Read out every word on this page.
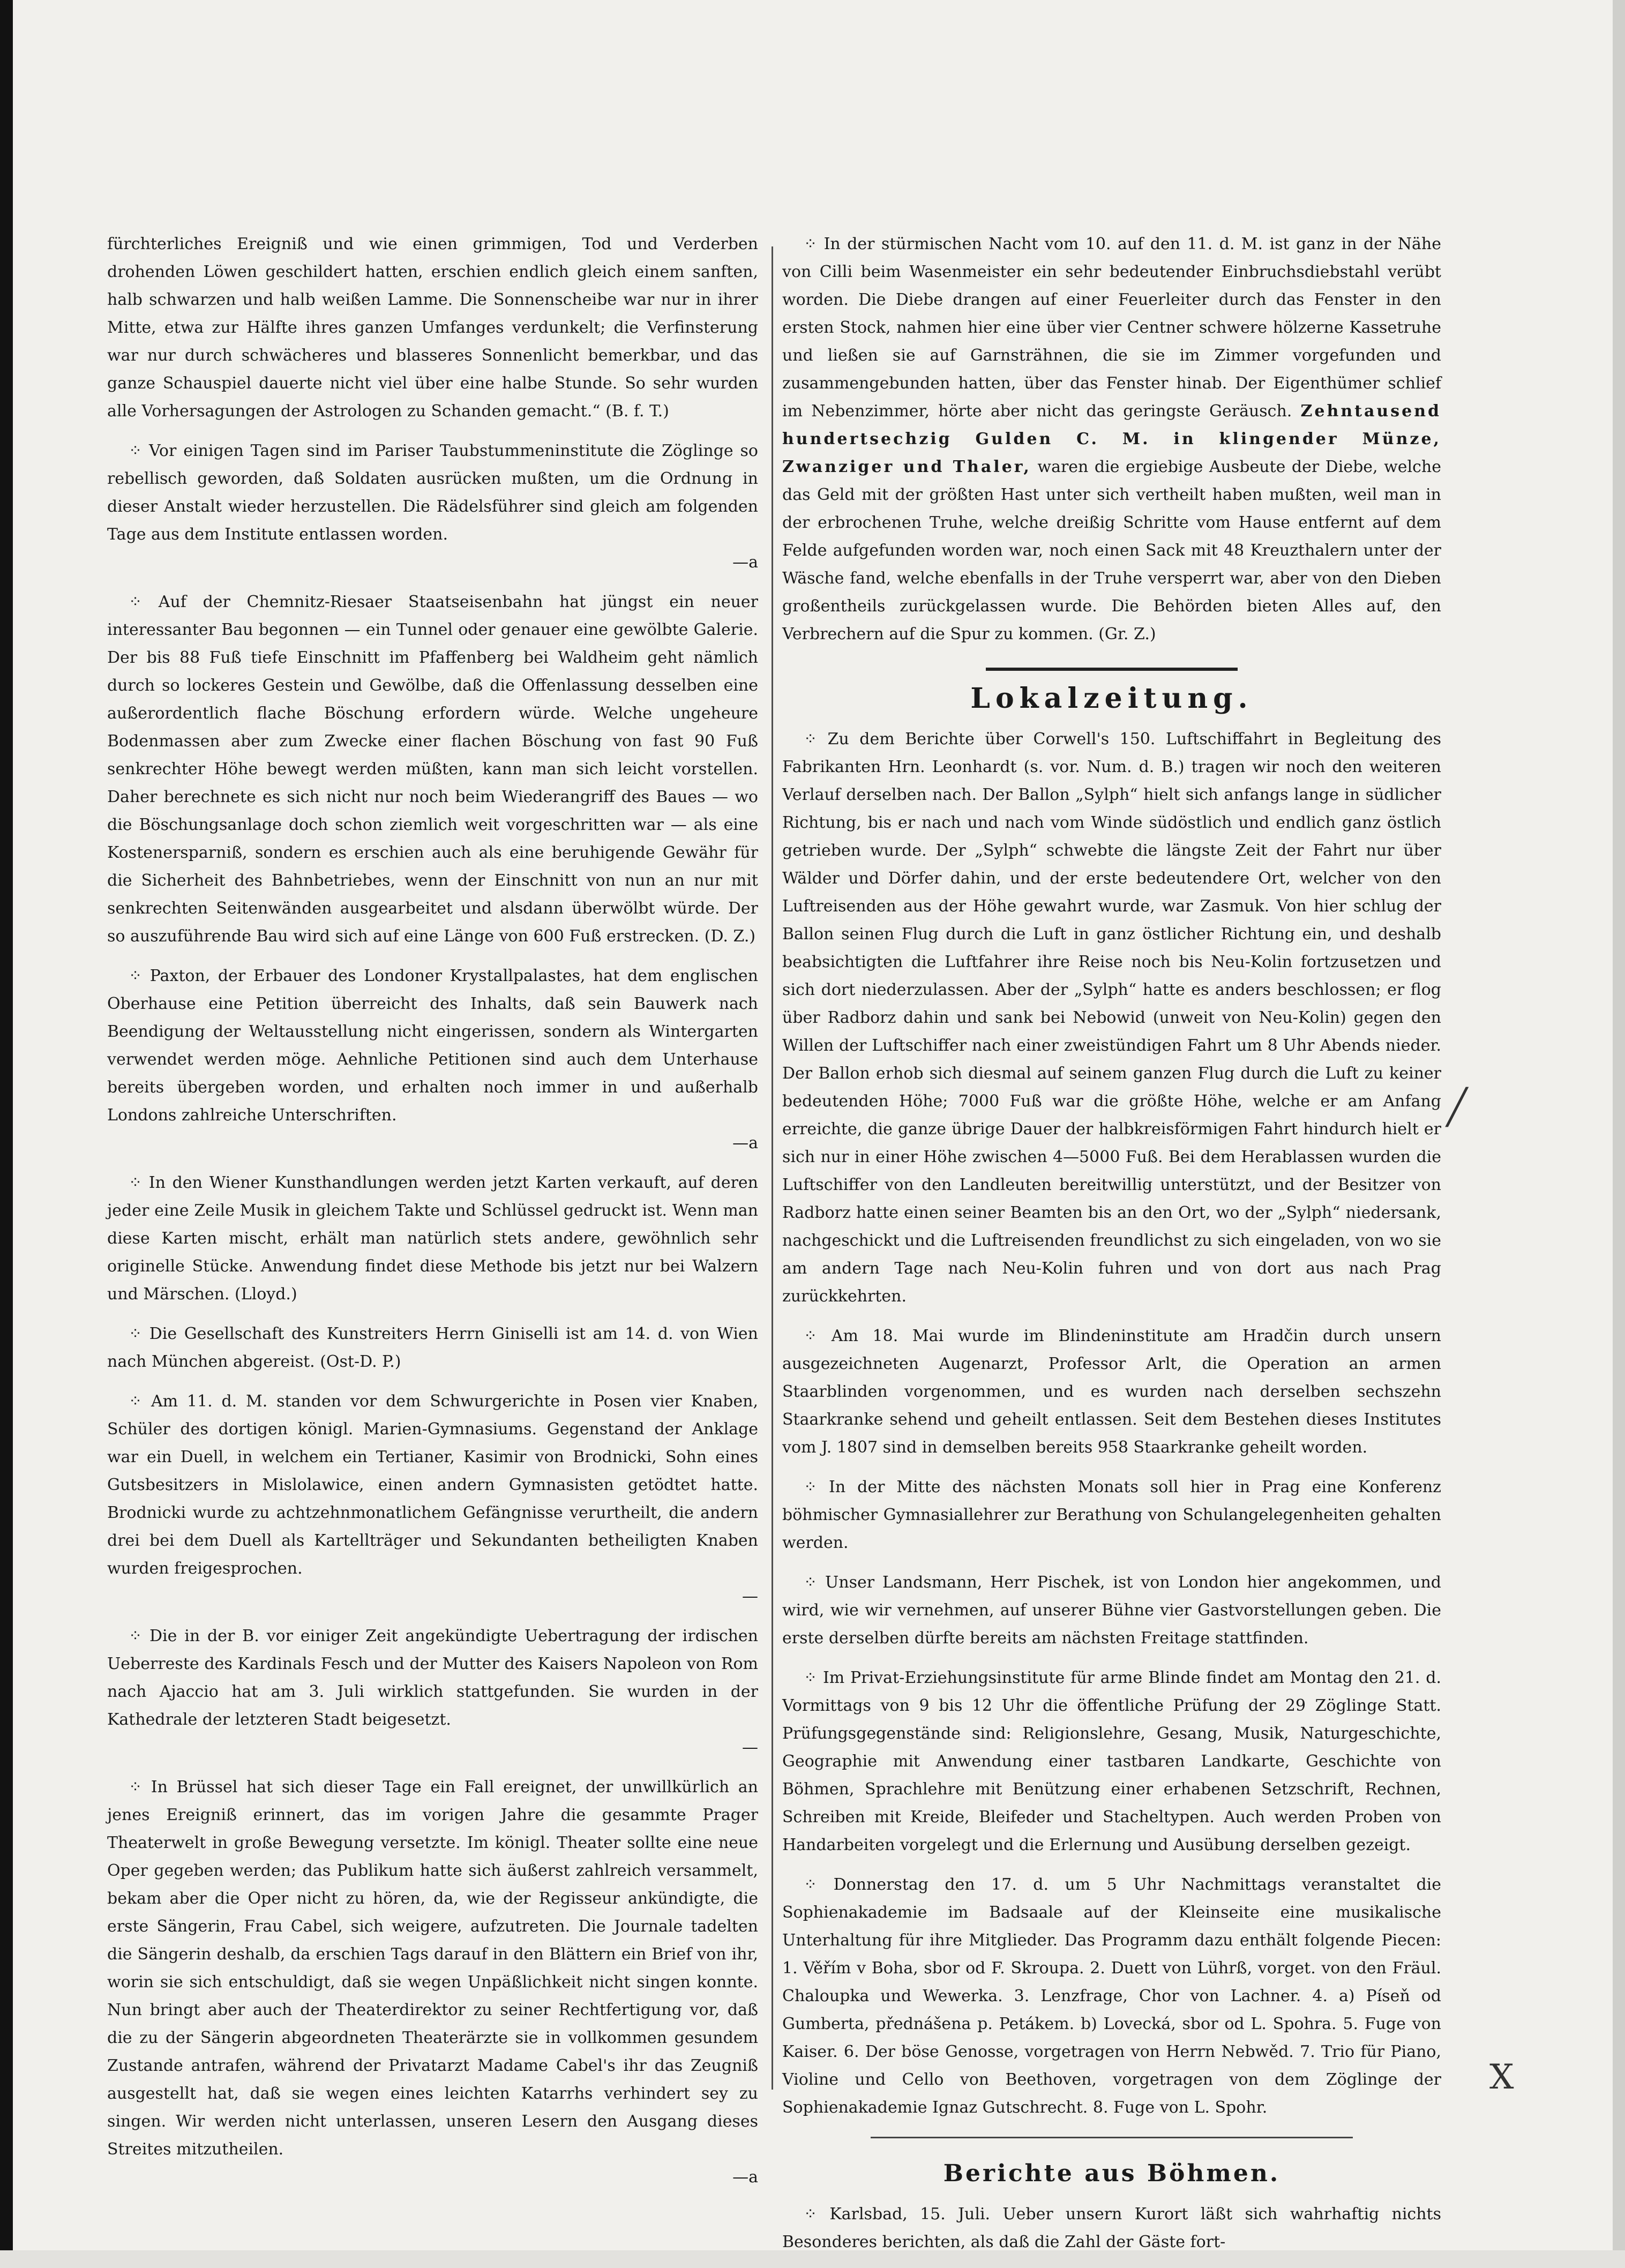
fürchterliches Ereigniß und wie einen grimmigen, Tod und Verderben drohenden Löwen geschildert hatten, erschien endlich gleich einem sanften, halb schwarzen und halb weißen Lamme. Die Sonnenscheibe war nur in ihrer Mitte, etwa zur Hälfte ihres ganzen Umfanges verdunkelt; die Verfinsterung war nur durch schwächeres und blasseres Sonnenlicht bemerkbar, und das ganze Schauspiel dauerte nicht viel über eine halbe Stunde. So sehr wurden alle Vorhersagungen der Astrologen zu Schanden gemacht.“ (B. f. T.)

⁘ Vor einigen Tagen sind im Pariser Taubstummeninstitute die Zöglinge so rebellisch geworden, daß Soldaten ausrücken mußten, um die Ordnung in dieser Anstalt wieder herzustellen. Die Rädelsführer sind gleich am folgenden Tage aus dem Institute entlassen worden.
—a

⁘ Auf der Chemnitz-Riesaer Staatseisenbahn hat jüngst ein neuer interessanter Bau begonnen — ein Tunnel oder genauer eine gewölbte Galerie. Der bis 88 Fuß tiefe Einschnitt im Pfaffenberg bei Waldheim geht nämlich durch so lockeres Gestein und Gewölbe, daß die Offenlassung desselben eine außerordentlich flache Böschung erfordern würde. Welche ungeheure Bodenmassen aber zum Zwecke einer flachen Böschung von fast 90 Fuß senkrechter Höhe bewegt werden müßten, kann man sich leicht vorstellen. Daher berechnete es sich nicht nur noch beim Wiederangriff des Baues — wo die Böschungsanlage doch schon ziemlich weit vorgeschritten war — als eine Kostenersparniß, sondern es erschien auch als eine beruhigende Gewähr für die Sicherheit des Bahnbetriebes, wenn der Einschnitt von nun an nur mit senkrechten Seitenwänden ausgearbeitet und alsdann überwölbt würde. Der so auszuführende Bau wird sich auf eine Länge von 600 Fuß erstrecken. (D. Z.)

⁘ Paxton, der Erbauer des Londoner Krystallpalastes, hat dem englischen Oberhause eine Petition überreicht des Inhalts, daß sein Bauwerk nach Beendigung der Weltausstellung nicht eingerissen, sondern als Wintergarten verwendet werden möge. Aehnliche Petitionen sind auch dem Unterhause bereits übergeben worden, und erhalten noch immer in und außerhalb Londons zahlreiche Unterschriften.
—a

⁘ In den Wiener Kunsthandlungen werden jetzt Karten verkauft, auf deren jeder eine Zeile Musik in gleichem Takte und Schlüssel gedruckt ist. Wenn man diese Karten mischt, erhält man natürlich stets andere, gewöhnlich sehr originelle Stücke. Anwendung findet diese Methode bis jetzt nur bei Walzern und Märschen. (Lloyd.)

⁘ Die Gesellschaft des Kunstreiters Herrn Giniselli ist am 14. d. von Wien nach München abgereist. (Ost-D. P.)

⁘ Am 11. d. M. standen vor dem Schwurgerichte in Posen vier Knaben, Schüler des dortigen königl. Marien-Gymnasiums. Gegenstand der Anklage war ein Duell, in welchem ein Tertianer, Kasimir von Brodnicki, Sohn eines Gutsbesitzers in Mislolawice, einen andern Gymnasisten getödtet hatte. Brodnicki wurde zu achtzehnmonatlichem Gefängnisse verurtheilt, die andern drei bei dem Duell als Kartellträger und Sekundanten betheiligten Knaben wurden freigesprochen.
—

⁘ Die in der B. vor einiger Zeit angekündigte Uebertragung der irdischen Ueberreste des Kardinals Fesch und der Mutter des Kaisers Napoleon von Rom nach Ajaccio hat am 3. Juli wirklich stattgefunden. Sie wurden in der Kathedrale der letzteren Stadt beigesetzt.
—

⁘ In Brüssel hat sich dieser Tage ein Fall ereignet, der unwillkürlich an jenes Ereigniß erinnert, das im vorigen Jahre die gesammte Prager Theaterwelt in große Bewegung versetzte. Im königl. Theater sollte eine neue Oper gegeben werden; das Publikum hatte sich äußerst zahlreich versammelt, bekam aber die Oper nicht zu hören, da, wie der Regisseur ankündigte, die erste Sängerin, Frau Cabel, sich weigere, aufzutreten. Die Journale tadelten die Sängerin deshalb, da erschien Tags darauf in den Blättern ein Brief von ihr, worin sie sich entschuldigt, daß sie wegen Unpäßlichkeit nicht singen konnte. Nun bringt aber auch der Theaterdirektor zu seiner Rechtfertigung vor, daß die zu der Sängerin abgeordneten Theaterärzte sie in vollkommen gesundem Zustande antrafen, während der Privatarzt Madame Cabel's ihr das Zeugniß ausgestellt hat, daß sie wegen eines leichten Katarrhs verhindert sey zu singen. Wir werden nicht unterlassen, unseren Lesern den Ausgang dieses Streites mitzutheilen.
—a

⁘ In der stürmischen Nacht vom 10. auf den 11. d. M. ist ganz in der Nähe von Cilli beim Wasenmeister ein sehr bedeutender Einbruchsdiebstahl verübt worden. Die Diebe drangen auf einer Feuerleiter durch das Fenster in den ersten Stock, nahmen hier eine über vier Centner schwere hölzerne Kassetruhe und ließen sie auf Garnsträhnen, die sie im Zimmer vorgefunden und zusammengebunden hatten, über das Fenster hinab. Der Eigenthümer schlief im Nebenzimmer, hörte aber nicht das geringste Geräusch. Zehntausend hundertsechzig Gulden C. M. in klingender Münze, Zwanziger und Thaler, waren die ergiebige Ausbeute der Diebe, welche das Geld mit der größten Hast unter sich vertheilt haben mußten, weil man in der erbrochenen Truhe, welche dreißig Schritte vom Hause entfernt auf dem Felde aufgefunden worden war, noch einen Sack mit 48 Kreuzthalern unter der Wäsche fand, welche ebenfalls in der Truhe versperrt war, aber von den Dieben großentheils zurückgelassen wurde. Die Behörden bieten Alles auf, den Verbrechern auf die Spur zu kommen. (Gr. Z.)

Lokalzeitung.

⁘ Zu dem Berichte über Corwell's 150. Luftschiffahrt in Begleitung des Fabrikanten Hrn. Leonhardt (s. vor. Num. d. B.) tragen wir noch den weiteren Verlauf derselben nach. Der Ballon „Sylph“ hielt sich anfangs lange in südlicher Richtung, bis er nach und nach vom Winde südöstlich und endlich ganz östlich getrieben wurde. Der „Sylph“ schwebte die längste Zeit der Fahrt nur über Wälder und Dörfer dahin, und der erste bedeutendere Ort, welcher von den Luftreisenden aus der Höhe gewahrt wurde, war Zasmuk. Von hier schlug der Ballon seinen Flug durch die Luft in ganz östlicher Richtung ein, und deshalb beabsichtigten die Luftfahrer ihre Reise noch bis Neu-Kolin fortzusetzen und sich dort niederzulassen. Aber der „Sylph“ hatte es anders beschlossen; er flog über Radborz dahin und sank bei Nebowid (unweit von Neu-Kolin) gegen den Willen der Luftschiffer nach einer zweistündigen Fahrt um 8 Uhr Abends nieder. Der Ballon erhob sich diesmal auf seinem ganzen Flug durch die Luft zu keiner bedeutenden Höhe; 7000 Fuß war die größte Höhe, welche er am Anfang erreichte, die ganze übrige Dauer der halbkreisförmigen Fahrt hindurch hielt er sich nur in einer Höhe zwischen 4—5000 Fuß. Bei dem Herablassen wurden die Luftschiffer von den Landleuten bereitwillig unterstützt, und der Besitzer von Radborz hatte einen seiner Beamten bis an den Ort, wo der „Sylph“ niedersank, nachgeschickt und die Luftreisenden freundlichst zu sich eingeladen, von wo sie am andern Tage nach Neu-Kolin fuhren und von dort aus nach Prag zurückkehrten.

⁘ Am 18. Mai wurde im Blindeninstitute am Hradčin durch unsern ausgezeichneten Augenarzt, Professor Arlt, die Operation an armen Staarblinden vorgenommen, und es wurden nach derselben sechszehn Staarkranke sehend und geheilt entlassen. Seit dem Bestehen dieses Institutes vom J. 1807 sind in demselben bereits 958 Staarkranke geheilt worden.

⁘ In der Mitte des nächsten Monats soll hier in Prag eine Konferenz böhmischer Gymnasiallehrer zur Berathung von Schulangelegenheiten gehalten werden.

⁘ Unser Landsmann, Herr Pischek, ist von London hier angekommen, und wird, wie wir vernehmen, auf unserer Bühne vier Gastvorstellungen geben. Die erste derselben dürfte bereits am nächsten Freitage stattfinden.

⁘ Im Privat-Erziehungsinstitute für arme Blinde findet am Montag den 21. d. Vormittags von 9 bis 12 Uhr die öffentliche Prüfung der 29 Zöglinge Statt. Prüfungsgegenstände sind: Religionslehre, Gesang, Musik, Naturgeschichte, Geographie mit Anwendung einer tastbaren Landkarte, Geschichte von Böhmen, Sprachlehre mit Benützung einer erhabenen Setzschrift, Rechnen, Schreiben mit Kreide, Bleifeder und Stacheltypen. Auch werden Proben von Handarbeiten vorgelegt und die Erlernung und Ausübung derselben gezeigt.

⁘ Donnerstag den 17. d. um 5 Uhr Nachmittags veranstaltet die Sophienakademie im Badsaale auf der Kleinseite eine musikalische Unterhaltung für ihre Mitglieder. Das Programm dazu enthält folgende Piecen: 1. Věřím v Boha, sbor od F. Skroupa. 2. Duett von Lührß, vorget. von den Fräul. Chaloupka und Wewerka. 3. Lenzfrage, Chor von Lachner. 4. a) Píseň od Gumberta, přednášena p. Petákem. b) Lovecká, sbor od L. Spohra. 5. Fuge von Kaiser. 6. Der böse Genosse, vorgetragen von Herrn Nebwěd. 7. Trio für Piano, Violine und Cello von Beethoven, vorgetragen von dem Zöglinge der Sophienakademie Ignaz Gutschrecht. 8. Fuge von L. Spohr.

Berichte aus Böhmen.

⁘ Karlsbad, 15. Juli. Ueber unsern Kurort läßt sich wahrhaftig nichts Besonderes berichten, als daß die Zahl der Gäste fort-

╱
X
